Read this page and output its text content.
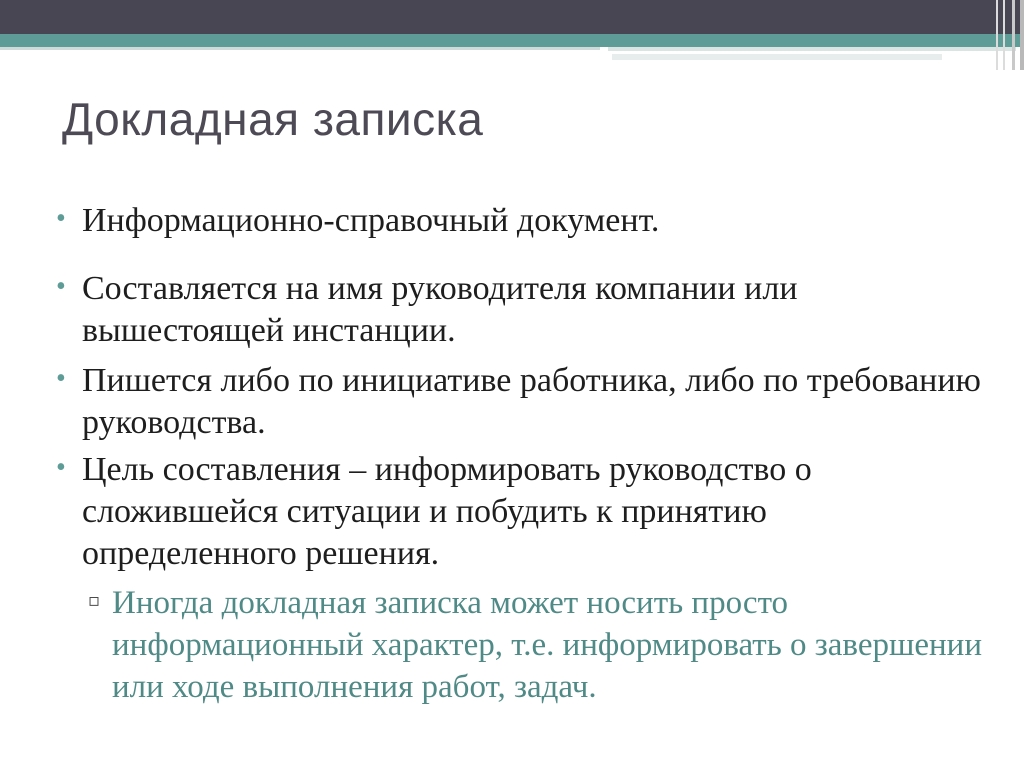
Докладная записка
• Информационно-справочный документ.
• Составляется на имя руководителя компании или вышестоящей инстанции.
• Пишется либо по инициативе работника, либо по требованию руководства.
• Цель составления – информировать руководство о сложившейся ситуации и побудить к принятию определенного решения.
▫ Иногда докладная записка может носить просто информационный характер, т.е. информировать о завершении или ходе выполнения работ, задач.
